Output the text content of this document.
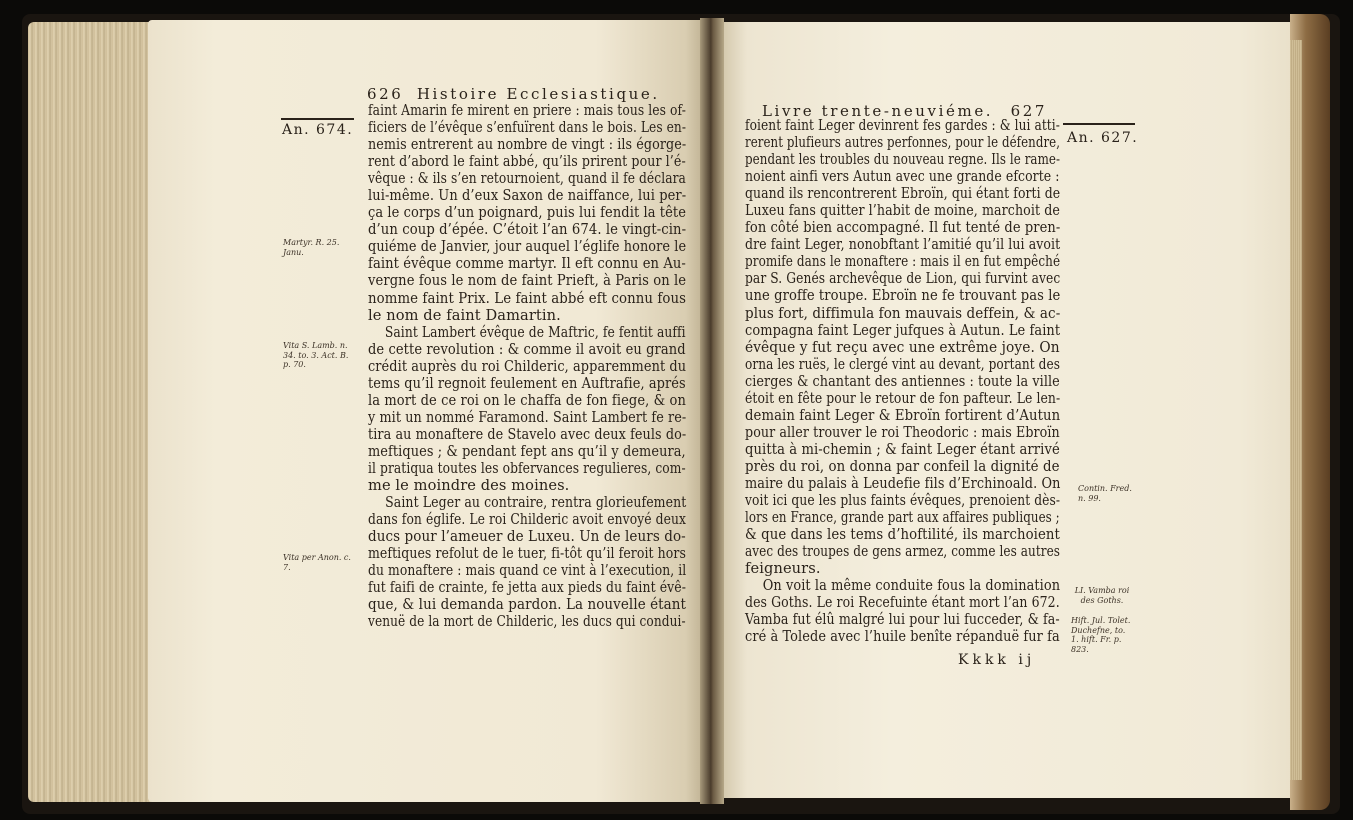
626 Histoire Ecclesiastique.
An. 674.
faint Amarin fe mirent en priere : mais tous les of-
ficiers de l’évêque s’enfuïrent dans le bois. Les en-
nemis entrerent au nombre de vingt : ils égorge-
rent d’abord le faint abbé, qu’ils prirent pour l’é-
vêque : & ils s’en retournoient, quand il fe déclara
lui-même. Un d’eux Saxon de naiffance, lui per-
ça le corps d’un poignard, puis lui fendit la tête
d’un coup d’épée. C’étoit l’an 674. le vingt-cin-
quiéme de Janvier, jour auquel l’églife honore le
faint évêque comme martyr. Il eft connu en Au-
vergne fous le nom de faint Prieft, à Paris on le
nomme faint Prix. Le faint abbé eft connu fous
le nom de faint Damartin.
Saint Lambert évêque de Maftric, fe fentit auffi
de cette revolution : & comme il avoit eu grand
crédit auprès du roi Childeric, apparemment du
tems qu’il regnoit feulement en Auftrafie, aprés
la mort de ce roi on le chaffa de fon fiege, & on
y mit un nommé Faramond. Saint Lambert fe re-
tira au monaftere de Stavelo avec deux feuls do-
meftiques ; & pendant fept ans qu’il y demeura,
il pratiqua toutes les obfervances regulieres, com-
me le moindre des moines.
Saint Leger au contraire, rentra glorieufement
dans fon églife. Le roi Childeric avoit envoyé deux
ducs pour l’ameuer de Luxeu. Un de leurs do-
meftiques refolut de le tuer, fi-tôt qu’il feroit hors
du monaftere : mais quand ce vint à l’execution, il
fut faifi de crainte, fe jetta aux pieds du faint évê-
que, & lui demanda pardon. La nouvelle étant
venuë de la mort de Childeric, les ducs qui condui-
Martyr. R. 25. Janu.
Vita S. Lamb. n. 34. to. 3. Act. B. p. 70.
Vita per Anon. c. 7.
Livre trente-neuviéme. 627
An. 627.
foient faint Leger devinrent fes gardes : & lui atti-
rerent plufieurs autres perfonnes, pour le défendre,
pendant les troubles du nouveau regne. Ils le rame-
noient ainfi vers Autun avec une grande efcorte :
quand ils rencontrerent Ebroïn, qui étant forti de
Luxeu fans quitter l’habit de moine, marchoit de
fon côté bien accompagné. Il fut tenté de pren-
dre faint Leger, nonobftant l’amitié qu’il lui avoit
promife dans le monaftere : mais il en fut empêché
par S. Genés archevêque de Lion, qui furvint avec
une groffe troupe. Ebroïn ne fe trouvant pas le
plus fort, diffimula fon mauvais deffein, & ac-
compagna faint Leger jufques à Autun. Le faint
évêque y fut reçu avec une extrême joye. On
orna les ruës, le clergé vint au devant, portant des
cierges & chantant des antiennes : toute la ville
étoit en fête pour le retour de fon pafteur. Le len-
demain faint Leger & Ebroïn fortirent d’Autun
pour aller trouver le roi Theodoric : mais Ebroïn
quitta à mi-chemin ; & faint Leger étant arrivé
près du roi, on donna par confeil la dignité de
maire du palais à Leudefie fils d’Erchinoald. On
voit ici que les plus faints évêques, prenoient dès-
lors en France, grande part aux affaires publiques ;
& que dans les tems d’hoftilité, ils marchoient
avec des troupes de gens armez, comme les autres
feigneurs.
On voit la même conduite fous la domination
des Goths. Le roi Recefuinte étant mort l’an 672.
Vamba fut élû malgré lui pour lui fucceder, & fa-
cré à Tolede avec l’huile benîte répanduë fur fa
Kkkk ij
Contin. Fred. n. 99.
LI. Vamba roi des Goths.
Hift. Jul. Tolet. Duchefne, to. 1. hift. Fr. p. 823.
